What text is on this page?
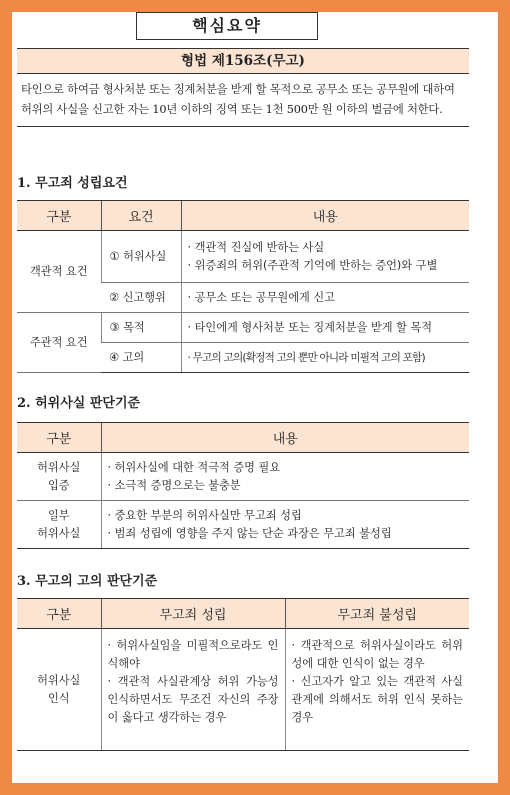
핵심요약
형법 제156조(무고)
타인으로 하여금 형사처분 또는 징계처분을 받게 할 목적으로 공무소 또는 공무원에 대하여 허위의 사실을 신고한 자는 10년 이하의 징역 또는 1천 500만 원 이하의 벌금에 처한다.
1. 무고죄 성립요건
구분	요건	내용
객관적 요건	① 허위사실	· 객관적 진실에 반하는 사실
· 위증죄의 허위(주관적 기억에 반하는 증언)와 구별

	② 신고행위	· 공무소 또는 공무원에게 신고

주관적 요건	③ 목적	· 타인에게 형사처분 또는 징계처분을 받게 할 목적

	④ 고의	· 무고의 고의(확정적 고의 뿐만 아니라 미필적 고의 포함)
2. 허위사실 판단기준
구분	내용

허위사실
입증	· 허위사실에 대한 적극적 증명 필요
· 소극적 증명으로는 불충분

일부
허위사실	· 중요한 부분의 허위사실만 무고죄 성립
· 범죄 성립에 영향을 주지 않는 단순 과장은 무고죄 불성립
3. 무고의 고의 판단기준
구분	무고죄 성립	무고죄 불성립

허위사실
인식	· 허위사실임을 미필적으로라도 인식해야
· 객관적 사실관계상 허위 가능성 인식하면서도 무조건 자신의 주장이 옳다고 생각하는 경우	· 객관적으로 허위사실이라도 허위성에 대한 인식이 없는 경우
· 신고자가 알고 있는 객관적 사실관계에 의해서도 허위 인식 못하는 경우
